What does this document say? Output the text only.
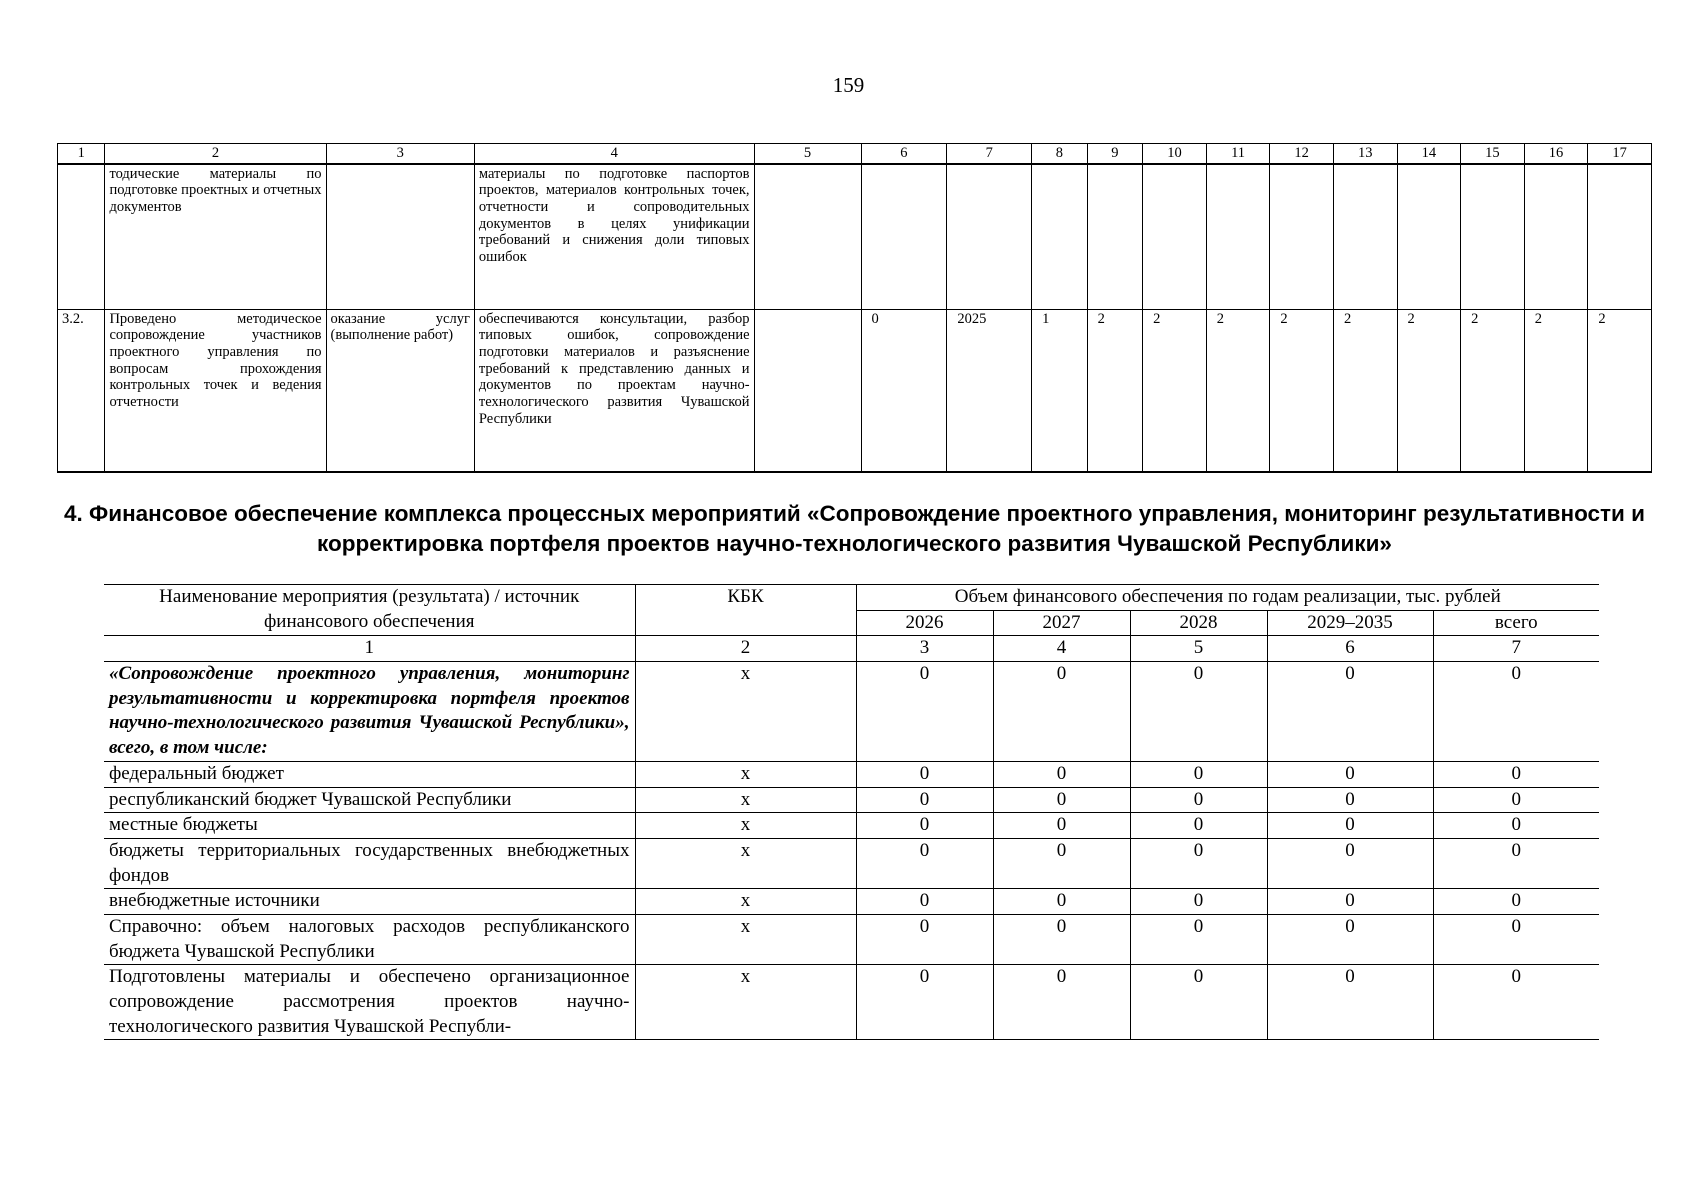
159
1	2	3	4	5	6	7	8	9	10	11	12	13	14	15	16	17
	тодические материалы по подготовке проектных и отчетных документов		материалы по подготовке паспортов проектов, материалов контрольных точек, отчетности и сопроводительных документов в целях унификации требований и снижения доли типовых ошибок													
3.2.	Проведено методическое сопровождение участников проектного управления по вопросам прохождения контрольных точек и ведения отчетности	оказание услуг (выполнение работ)	обеспечиваются консультации, разбор типовых ошибок, сопровождение подготовки материалов и разъяснение требований к представлению данных и документов по проектам научно-технологического развития Чувашской Республики		0	2025	1	2	2	2	2	2	2	2	2	2
4. Финансовое обеспечение комплекса процессных мероприятий «Сопровождение проектного управления, мониторинг результативности и корректировка портфеля проектов научно-технологического развития Чувашской Республики»
Наименование мероприятия (результата) / источник финансового обеспечения	КБК	Объем финансового обеспечения по годам реализации, тыс. рублей				
		2026	2027	2028	2029–2035	всего
1	2	3	4	5	6	7
«Сопровождение проектного управления, мониторинг результативности и корректировка портфеля проектов научно-технологического развития Чувашской Республики», всего, в том числе:	х	0	0	0	0	0
федеральный бюджет	х	0	0	0	0	0
республиканский бюджет Чувашской Республики	х	0	0	0	0	0
местные бюджеты	х	0	0	0	0	0
бюджеты территориальных государственных внебюджетных фондов	х	0	0	0	0	0
внебюджетные источники	х	0	0	0	0	0
Справочно: объем налоговых расходов республиканского бюджета Чувашской Республики	х	0	0	0	0	0
Подготовлены материалы и обеспечено организационное сопровождение рассмотрения проектов научно-технологического развития Чувашской Республи-	х	0	0	0	0	0
